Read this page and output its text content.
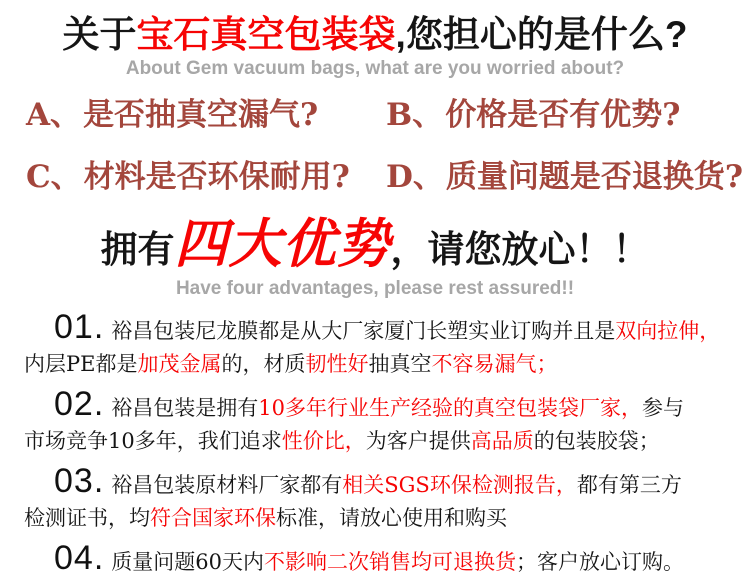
关于宝石真空包装袋,您担心的是什么?
About Gem vacuum bags, what are you worried about?
A、是否抽真空漏气?	B、价格是否有优势?
C、材料是否环保耐用?	D、质量问题是否退换货?
拥有四大优势，请您放心！！
Have four advantages, please rest assured!!
01. 裕昌包装尼龙膜都是从大厂家厦门长塑实业订购并且是双向拉伸，
内层PE都是加茂金属的，材质韧性好抽真空不容易漏气；
02. 裕昌包装是拥有10多年行业生产经验的真空包装袋厂家，参与
市场竞争10多年，我们追求性价比，为客户提供高品质的包装胶袋；
03. 裕昌包装原材料厂家都有相关SGS环保检测报告，都有第三方
检测证书，均符合国家环保标准，请放心使用和购买
04. 质量问题60天内不影响二次销售均可退换货；客户放心订购。
